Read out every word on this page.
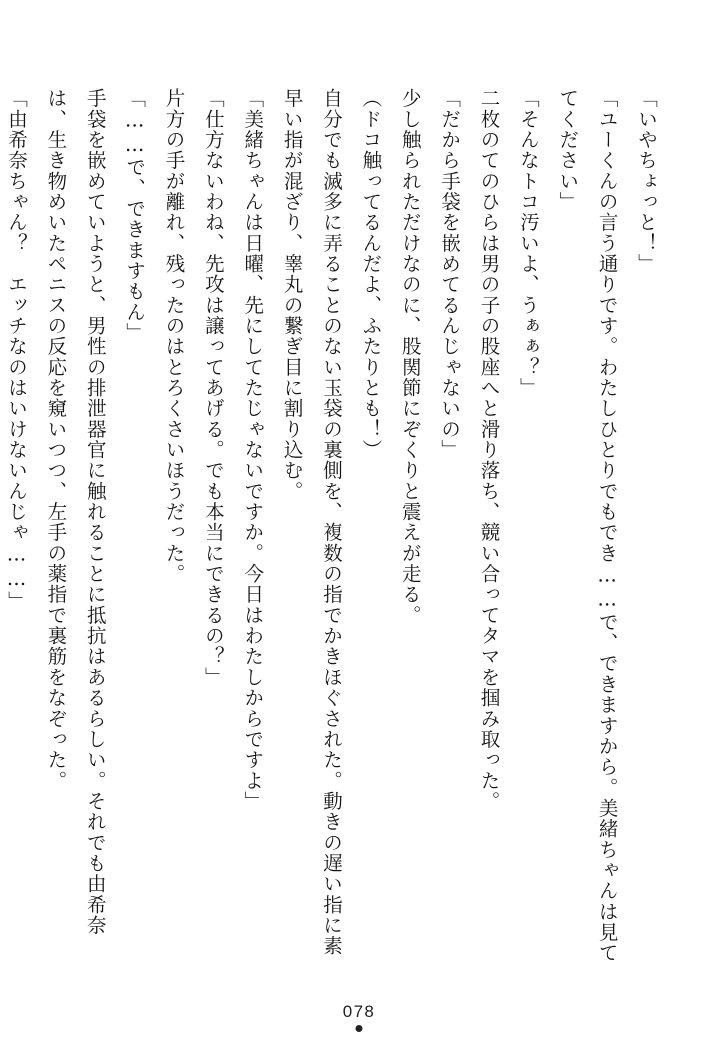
「いやちょっと！」

「ユーくんの言う通りです。わたしひとりでもでき……で、できますから。美緒ちゃんは見ててください」

「そんなトコ汚いよ、うぁぁ？」

二枚のてのひらは男の子の股座へと滑り落ち、競い合ってタマを掴み取った。

「だから手袋を嵌めてるんじゃないの」

少し触られただけなのに、股関節にぞくりと震えが走る。

（ドコ触ってるんだよ、ふたりとも！）

自分でも滅多に弄ることのない玉袋の裏側を、複数の指でかきほぐされた。動きの遅い指に素早い指が混ざり、睾丸の繋ぎ目に割り込む。

「美緒ちゃんは日曜、先にしてたじゃないですか。今日はわたしからですよ」

「仕方ないわね、先攻は譲ってあげる。でも本当にできるの？」

片方の手が離れ、残ったのはとろくさいほうだった。

「……で、できますもん」

手袋を嵌めていようと、男性の排泄器官に触れることに抵抗はあるらしい。それでも由希奈は、生き物めいたペニスの反応を窺いつつ、左手の薬指で裏筋をなぞった。

「由希奈ちゃん？　エッチなのはいけないんじゃ……」

078
